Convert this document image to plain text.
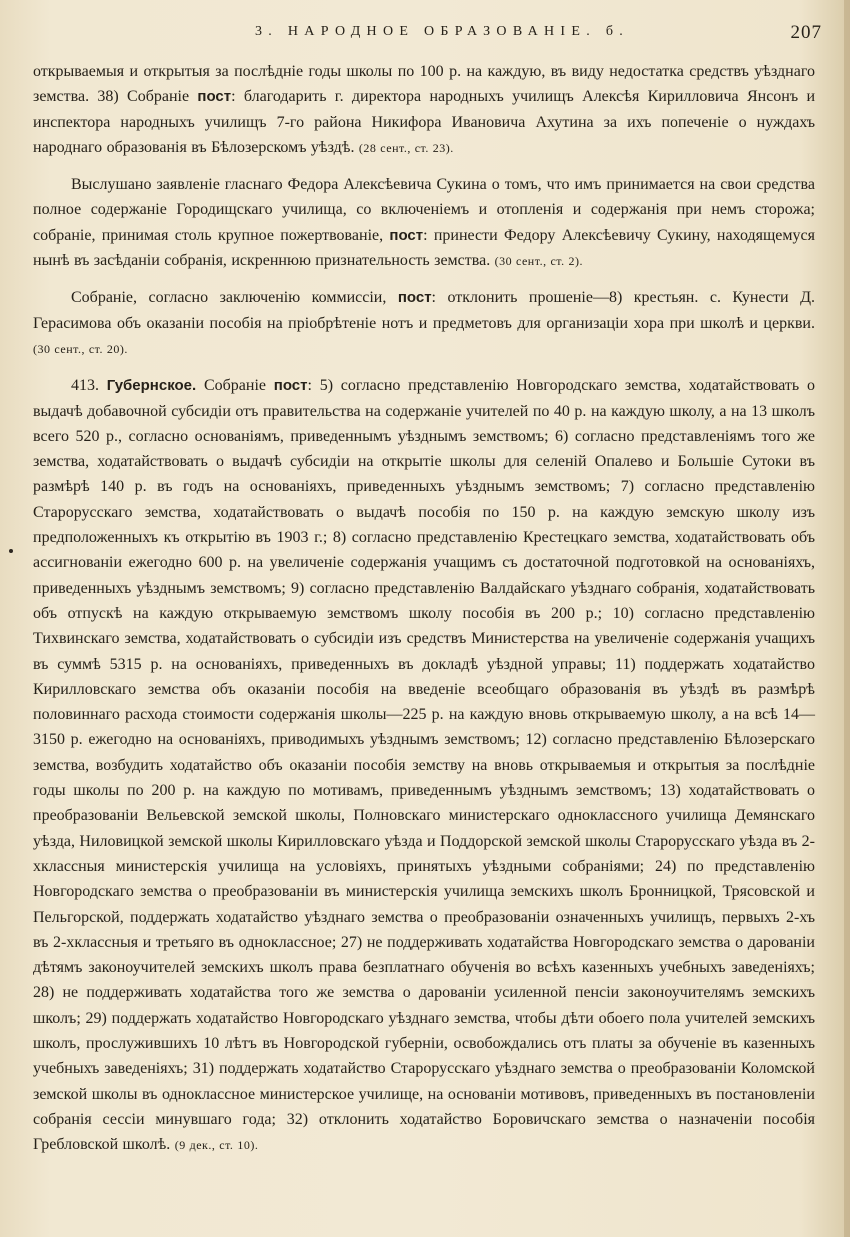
3. НАРОДНОЕ ОБРАЗОВАНІЕ. б.	207

открываемыя и открытыя за послѣдніе годы школы по 100 р. на каждую, въ виду недостатка средствъ уѣзднаго земства. 38) Собраніе пост: благодарить г. директора народныхъ училищъ Алексѣя Кирилловича Янсонъ и инспектора народныхъ училищъ 7-го района Никифора Ивановича Ахутина за ихъ попеченіе о нуждахъ народнаго образованія въ Бѣлозерскомъ уѣздѣ. (28 сент., ст. 23).

Выслушано заявленіе гласнаго Федора Алексѣевича Сукина о томъ, что имъ принимается на свои средства полное содержаніе Городищскаго училища, со включеніемъ и отопленія и содержанія при немъ сторожа; собраніе, принимая столь крупное пожертвованіе, пост: принести Федору Алексѣевичу Сукину, находящемуся нынѣ въ засѣданіи собранія, искреннюю признательность земства. (30 сент., ст. 2).

Собраніе, согласно заключенію коммиссіи, пост: отклонить прошеніе—8) крестьян. с. Кунести Д. Герасимова объ оказаніи пособія на пріобрѣтеніе нотъ и предметовъ для организаціи хора при школѣ и церкви. (30 сент., ст. 20).

413. Губернское. Собраніе пост: 5) согласно представленію Новгородскаго земства, ходатайствовать о выдачѣ добавочной субсидіи отъ правительства на содержаніе учителей по 40 р. на каждую школу, а на 13 школъ всего 520 р., согласно основаніямъ, приведеннымъ уѣзднымъ земствомъ; 6) согласно представленіямъ того же земства, ходатайствовать о выдачѣ субсидіи на открытіе школы для селеній Опалево и Большіе Сутоки въ размѣрѣ 140 р. въ годъ на основаніяхъ, приведенныхъ уѣзднымъ земствомъ; 7) согласно представленію Старорусскаго земства, ходатайствовать о выдачѣ пособія по 150 р. на каждую земскую школу изъ предположенныхъ къ открытію въ 1903 г.; 8) согласно представленію Крестецкаго земства, ходатайствовать объ ассигнованіи ежегодно 600 р. на увеличеніе содержанія учащимъ съ достаточной подготовкой на основаніяхъ, приведенныхъ уѣзднымъ земствомъ; 9) согласно представленію Валдайскаго уѣзднаго собранія, ходатайствовать объ отпускѣ на каждую открываемую земствомъ школу пособія въ 200 р.; 10) согласно представленію Тихвинскаго земства, ходатайствовать о субсидіи изъ средствъ Министерства на увеличеніе содержанія учащихъ въ суммѣ 5315 р. на основаніяхъ, приведенныхъ въ докладѣ уѣздной управы; 11) поддержать ходатайство Кирилловскаго земства объ оказаніи пособія на введеніе всеобщаго образованія въ уѣздѣ въ размѣрѣ половиннаго расхода стоимости содержанія школы—225 р. на каждую вновь открываемую школу, а на всѣ 14—3150 р. ежегодно на основаніяхъ, приводимыхъ уѣзднымъ земствомъ; 12) согласно представленію Бѣлозерскаго земства, возбудить ходатайство объ оказаніи пособія земству на вновь открываемыя и открытыя за послѣдніе годы школы по 200 р. на каждую по мотивамъ, приведеннымъ уѣзднымъ земствомъ; 13) ходатайствовать о преобразованіи Вельевской земской школы, Полновскаго министерскаго одноклассного училища Демянскаго уѣзда, Ниловицкой земской школы Кирилловскаго уѣзда и Поддорской земской школы Старорусскаго уѣзда въ 2-хклассныя министерскія училища на условіяхъ, принятыхъ уѣздными собраніями; 24) по представленію Новгородскаго земства о преобразованіи въ министерскія училища земскихъ школъ Бронницкой, Трясовской и Пельгорской, поддержать ходатайство уѣзднаго земства о преобразованіи означенныхъ училищъ, первыхъ 2-хъ въ 2-хклассныя и третьяго въ одноклассное; 27) не поддерживать ходатайства Новгородскаго земства о дарованіи дѣтямъ законоучителей земскихъ школъ права безплатнаго обученія во всѣхъ казенныхъ учебныхъ заведеніяхъ; 28) не поддерживать ходатайства того же земства о дарованіи усиленной пенсіи законоучителямъ земскихъ школъ; 29) поддержать ходатайство Новгородскаго уѣзднаго земства, чтобы дѣти обоего пола учителей земскихъ школъ, прослужившихъ 10 лѣтъ въ Новгородской губерніи, освобождались отъ платы за обученіе въ казенныхъ учебныхъ заведеніяхъ; 31) поддержать ходатайство Старорусскаго уѣзднаго земства о преобразованіи Коломской земской школы въ одноклассное министерское училище, на основаніи мотивовъ, приведенныхъ въ постановленіи собранія сессіи минувшаго года; 32) отклонить ходатайство Боровичскаго земства о назначеніи пособія Гребловской школѣ. (9 дек., ст. 10).
